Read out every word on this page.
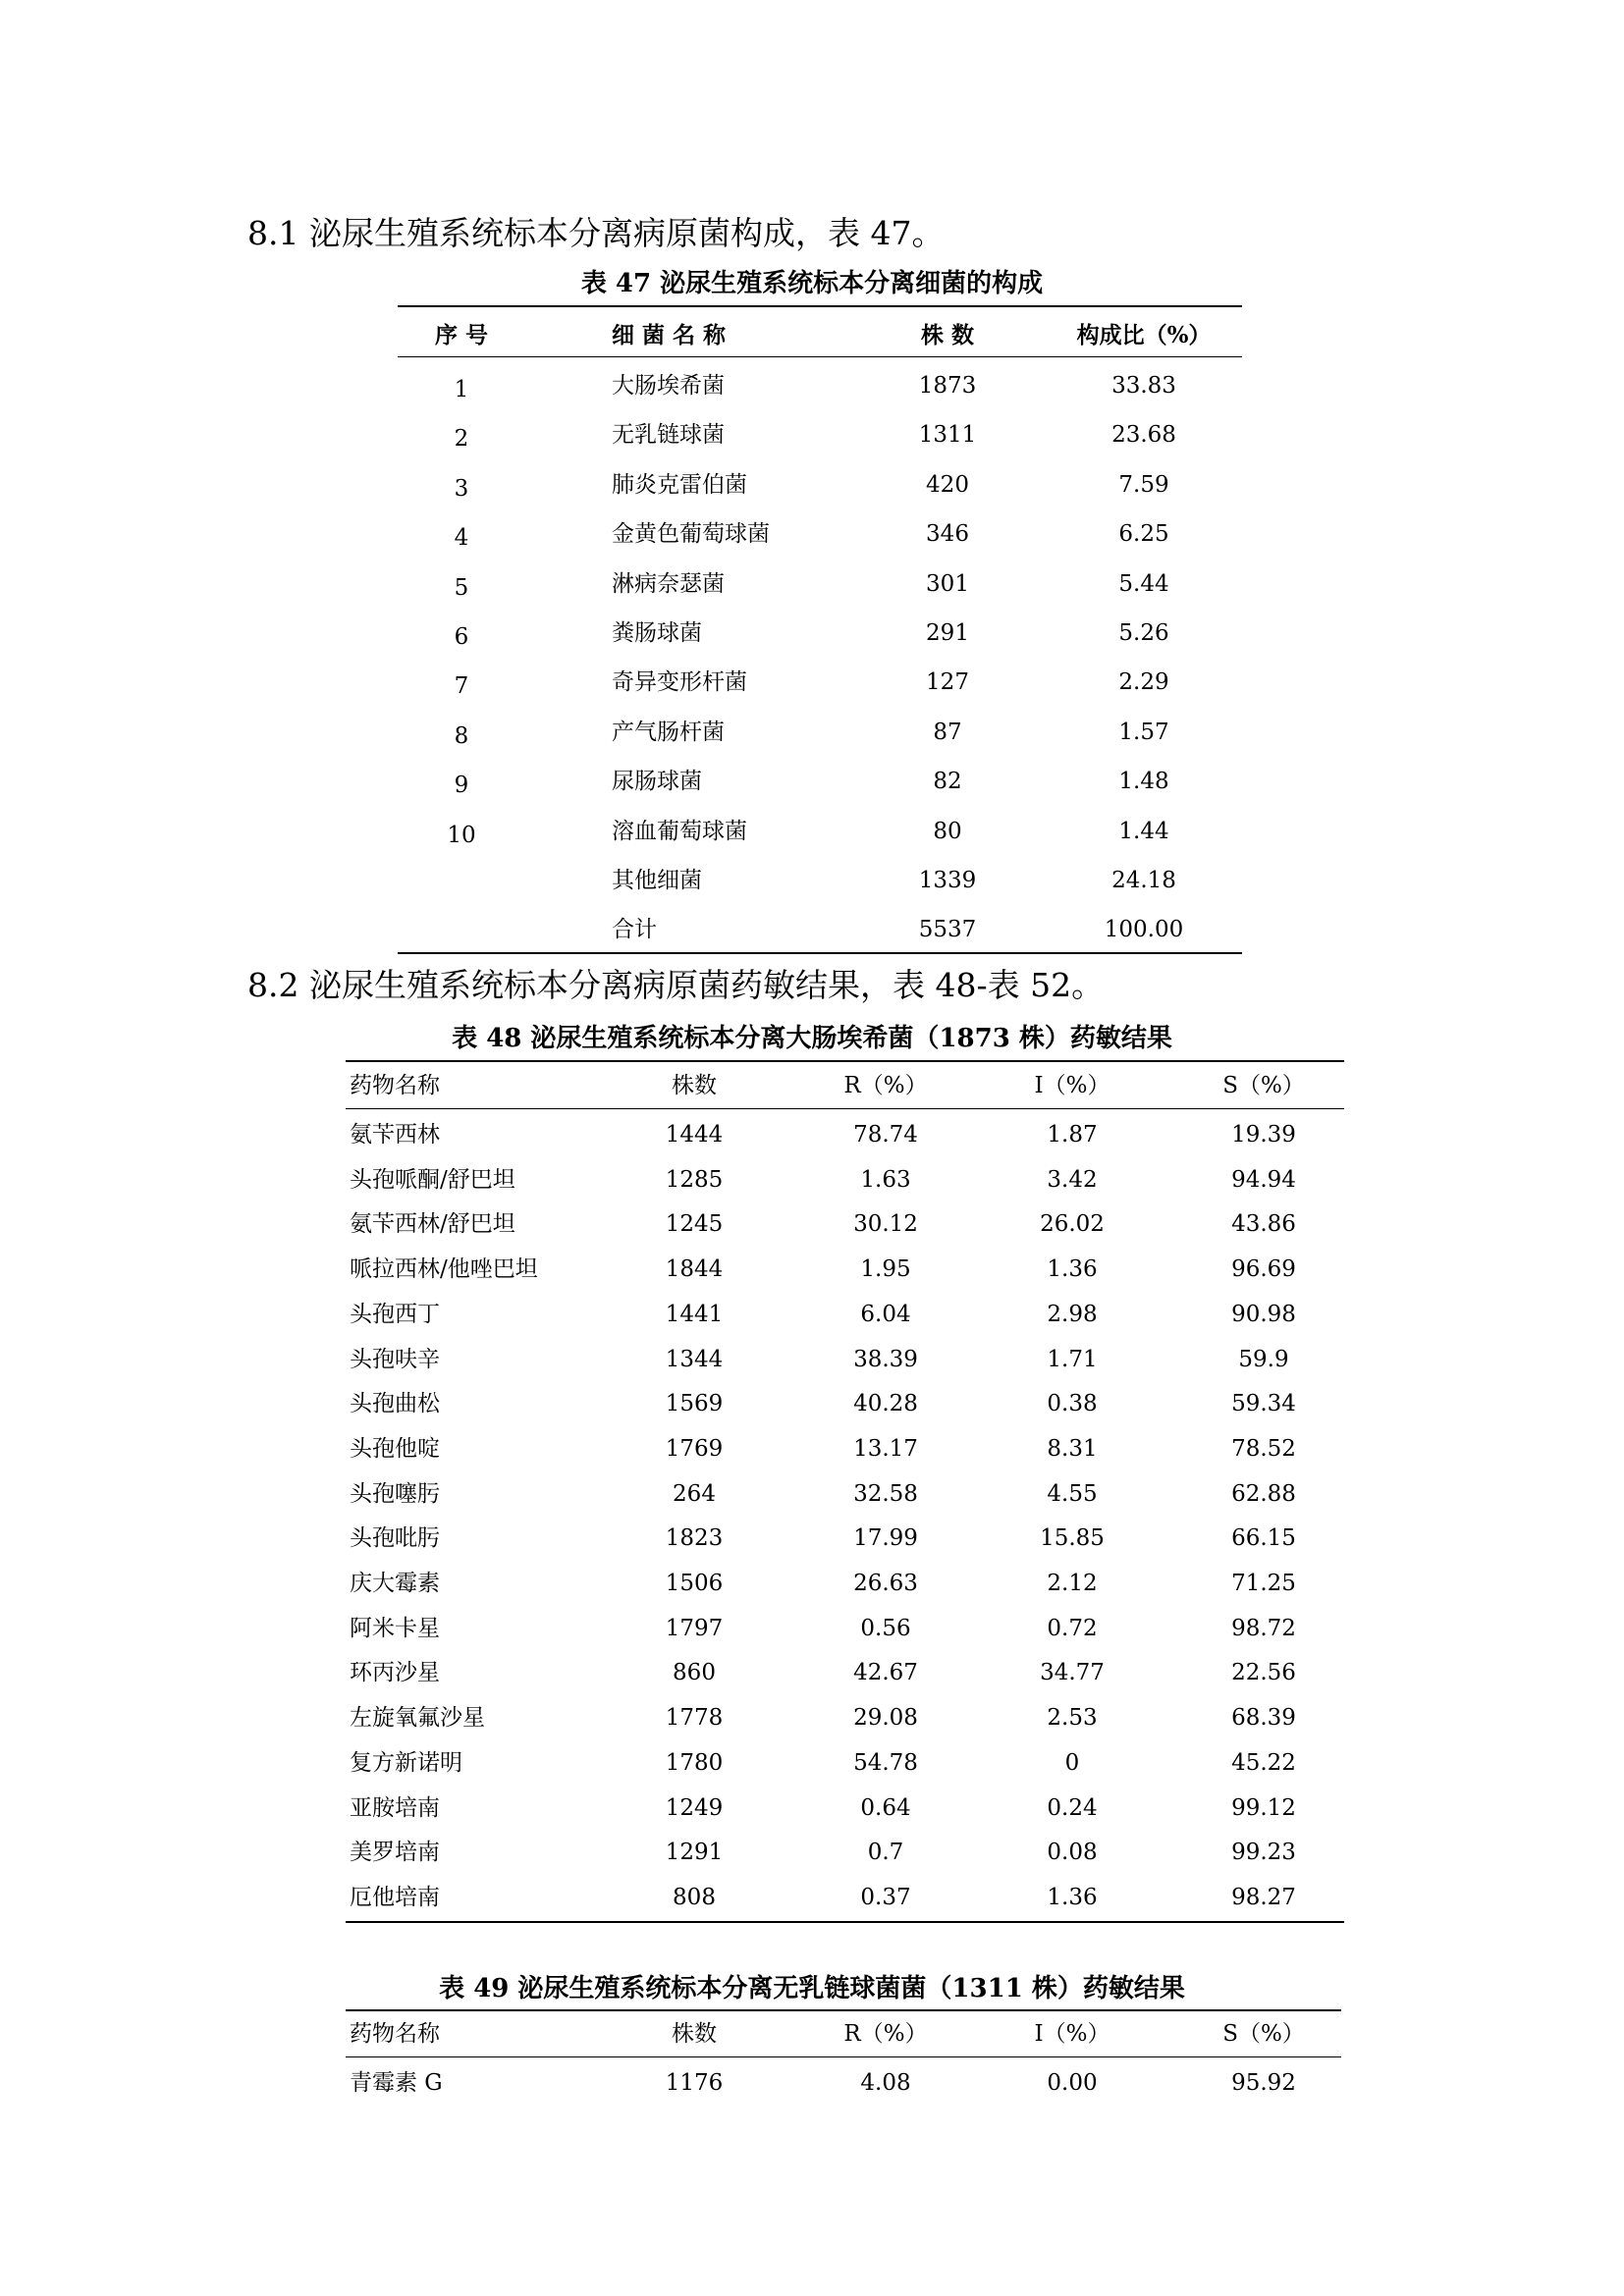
8.1 泌尿生殖系统标本分离病原菌构成，表 47。
表 47 泌尿生殖系统标本分离细菌的构成
序 号	细 菌 名 称	株 数	构成比（%）
1	大肠埃希菌	1873	33.83
2	无乳链球菌	1311	23.68
3	肺炎克雷伯菌	420	7.59
4	金黄色葡萄球菌	346	6.25
5	淋病奈瑟菌	301	5.44
6	粪肠球菌	291	5.26
7	奇异变形杆菌	127	2.29
8	产气肠杆菌	87	1.57
9	尿肠球菌	82	1.48
10	溶血葡萄球菌	80	1.44
其他细菌	1339	24.18
合计	5537	100.00
8.2 泌尿生殖系统标本分离病原菌药敏结果，表 48-表 52。
表 48 泌尿生殖系统标本分离大肠埃希菌（1873 株）药敏结果
药物名称	株数	R（%）	I（%）	S（%）
氨苄西林	1444	78.74	1.87	19.39
头孢哌酮/舒巴坦	1285	1.63	3.42	94.94
氨苄西林/舒巴坦	1245	30.12	26.02	43.86
哌拉西林/他唑巴坦	1844	1.95	1.36	96.69
头孢西丁	1441	6.04	2.98	90.98
头孢呋辛	1344	38.39	1.71	59.9
头孢曲松	1569	40.28	0.38	59.34
头孢他啶	1769	13.17	8.31	78.52
头孢噻肟	264	32.58	4.55	62.88
头孢吡肟	1823	17.99	15.85	66.15
庆大霉素	1506	26.63	2.12	71.25
阿米卡星	1797	0.56	0.72	98.72
环丙沙星	860	42.67	34.77	22.56
左旋氧氟沙星	1778	29.08	2.53	68.39
复方新诺明	1780	54.78	0	45.22
亚胺培南	1249	0.64	0.24	99.12
美罗培南	1291	0.7	0.08	99.23
厄他培南	808	0.37	1.36	98.27
表 49 泌尿生殖系统标本分离无乳链球菌菌（1311 株）药敏结果
药物名称	株数	R（%）	I（%）	S（%）
青霉素 G	1176	4.08	0.00	95.92
